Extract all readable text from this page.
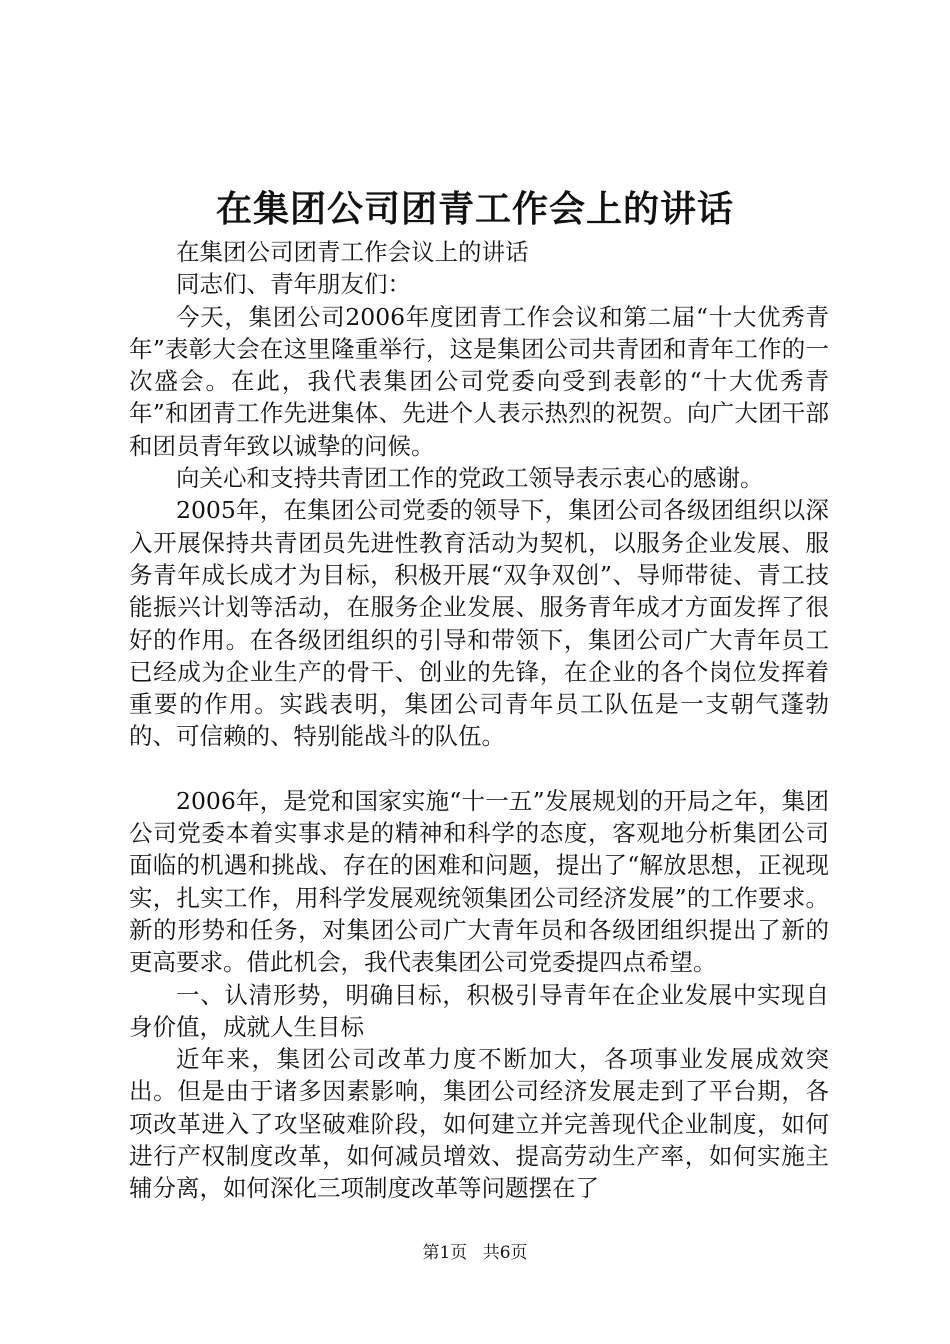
在集团公司团青工作会上的讲话

在集团公司团青工作会议上的讲话

同志们、青年朋友们：

今天，集团公司2006年度团青工作会议和第二届“十大优秀青年”表彰大会在这里隆重举行，这是集团公司共青团和青年工作的一次盛会。在此，我代表集团公司党委向受到表彰的“十大优秀青年”和团青工作先进集体、先进个人表示热烈的祝贺。向广大团干部和团员青年致以诚挚的问候。

向关心和支持共青团工作的党政工领导表示衷心的感谢。

2005年，在集团公司党委的领导下，集团公司各级团组织以深入开展保持共青团员先进性教育活动为契机，以服务企业发展、服务青年成长成才为目标，积极开展“双争双创”、导师带徒、青工技能振兴计划等活动，在服务企业发展、服务青年成才方面发挥了很好的作用。在各级团组织的引导和带领下，集团公司广大青年员工已经成为企业生产的骨干、创业的先锋，在企业的各个岗位发挥着重要的作用。实践表明，集团公司青年员工队伍是一支朝气蓬勃的、可信赖的、特别能战斗的队伍。

2006年，是党和国家实施“十一五”发展规划的开局之年，集团公司党委本着实事求是的精神和科学的态度，客观地分析集团公司面临的机遇和挑战、存在的困难和问题，提出了“解放思想，正视现实，扎实工作，用科学发展观统领集团公司经济发展”的工作要求。新的形势和任务，对集团公司广大青年员和各级团组织提出了新的更高要求。借此机会，我代表集团公司党委提四点希望。

一、认清形势，明确目标，积极引导青年在企业发展中实现自身价值，成就人生目标

近年来，集团公司改革力度不断加大，各项事业发展成效突出。但是由于诸多因素影响，集团公司经济发展走到了平台期，各项改革进入了攻坚破难阶段，如何建立并完善现代企业制度，如何进行产权制度改革，如何减员增效、提高劳动生产率，如何实施主辅分离，如何深化三项制度改革等问题摆在了

第1页 共6页
